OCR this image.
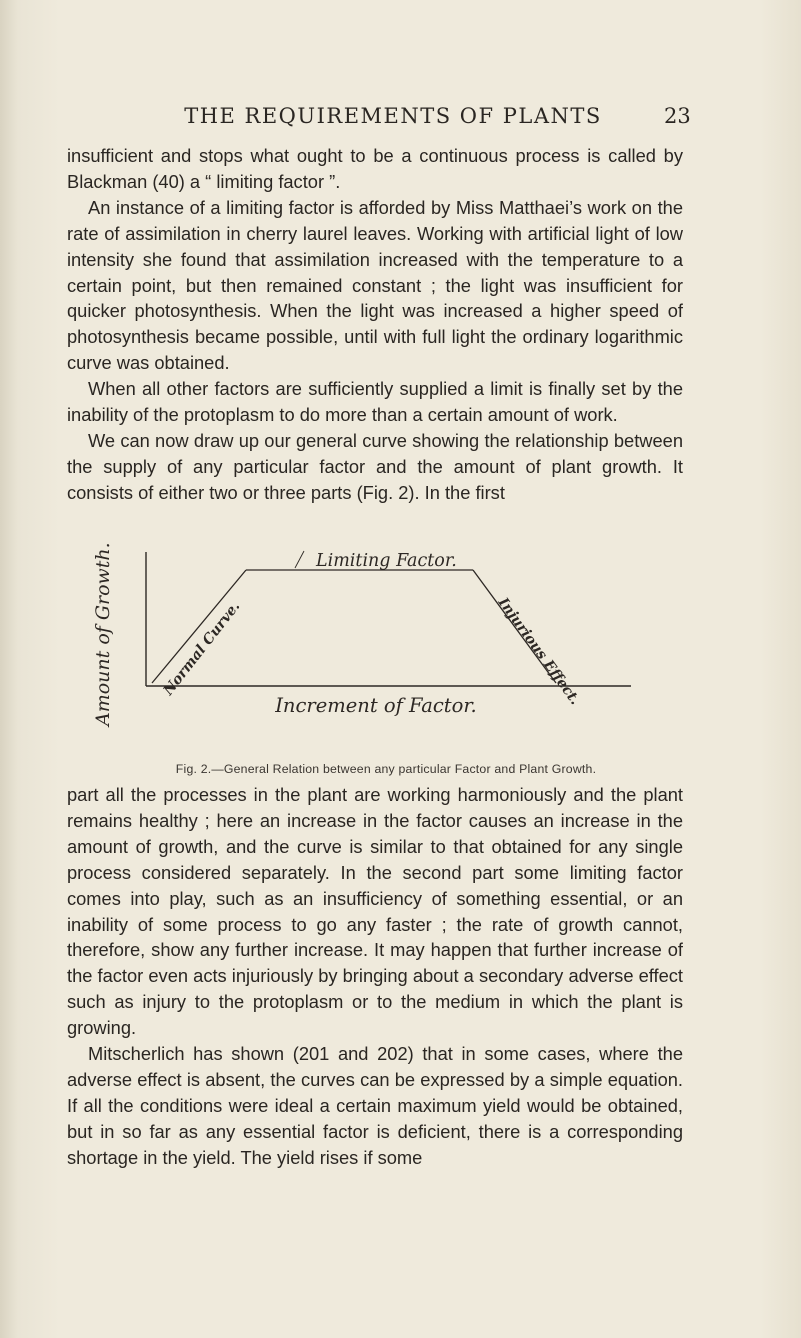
THE REQUIREMENTS OF PLANTS	23

insufficient and stops what ought to be a continuous process is called by Blackman (40) a “ limiting factor ”.

An instance of a limiting factor is afforded by Miss Matthaei’s work on the rate of assimilation in cherry laurel leaves. Working with artificial light of low intensity she found that assimilation increased with the temperature to a certain point, but then remained constant ; the light was insufficient for quicker photosynthesis. When the light was increased a higher speed of photosynthesis became possible, until with full light the ordinary logarithmic curve was obtained.

When all other factors are sufficiently supplied a limit is finally set by the inability of the protoplasm to do more than a certain amount of work.

We can now draw up our general curve showing the relationship between the supply of any particular factor and the amount of plant growth. It consists of either two or three parts (Fig. 2). In the first

Amount of Growth.	Limiting Factor.
Normal Curve.	Injurious Effect.
Increment of Factor.
Fig. 2.—General Relation between any particular Factor and Plant Growth.

part all the processes in the plant are working harmoniously and the plant remains healthy ; here an increase in the factor causes an increase in the amount of growth, and the curve is similar to that obtained for any single process considered separately. In the second part some limiting factor comes into play, such as an insufficiency of something essential, or an inability of some process to go any faster ; the rate of growth cannot, therefore, show any further increase. It may happen that further increase of the factor even acts injuriously by bringing about a secondary adverse effect such as injury to the protoplasm or to the medium in which the plant is growing.

Mitscherlich has shown (201 and 202) that in some cases, where the adverse effect is absent, the curves can be expressed by a simple equation. If all the conditions were ideal a certain maximum yield would be obtained, but in so far as any essential factor is deficient, there is a corresponding shortage in the yield. The yield rises if some
